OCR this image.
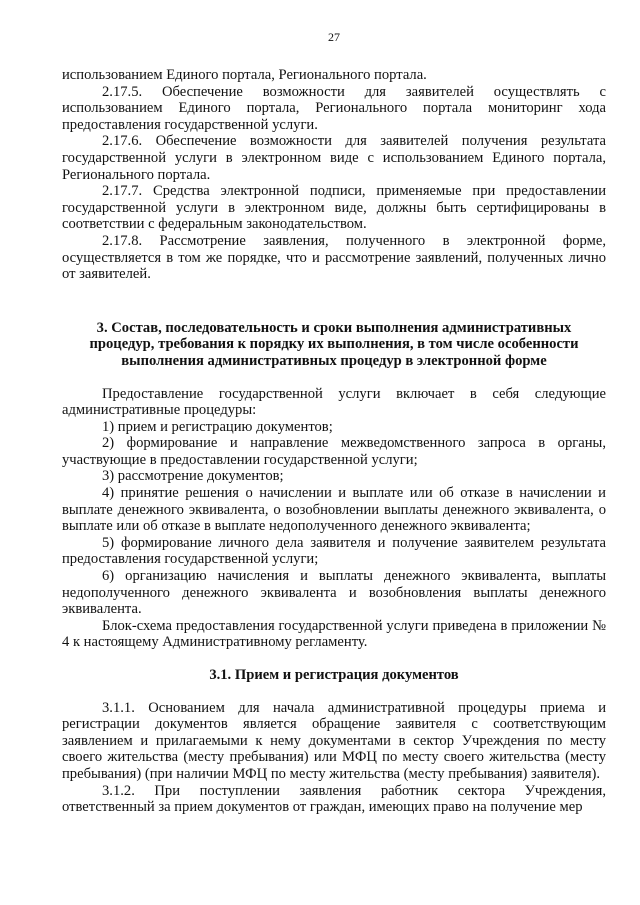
27

использованием Единого портала, Регионального портала.

2.17.5. Обеспечение возможности для заявителей осуществлять с использованием Единого портала, Регионального портала мониторинг хода предоставления государственной услуги.

2.17.6. Обеспечение возможности для заявителей получения результата государственной услуги в электронном виде с использованием Единого портала, Регионального портала.

2.17.7. Средства электронной подписи, применяемые при предоставлении государственной услуги в электронном виде, должны быть сертифицированы в соответствии с федеральным законодательством.

2.17.8. Рассмотрение заявления, полученного в электронной форме, осуществляется в том же порядке, что и рассмотрение заявлений, полученных лично от заявителей.

3. Состав, последовательность и сроки выполнения административных процедур, требования к порядку их выполнения, в том числе особенности выполнения административных процедур в электронной форме

Предоставление государственной услуги включает в себя следующие административные процедуры:

1) прием и регистрацию документов;

2) формирование и направление межведомственного запроса в органы, участвующие в предоставлении государственной услуги;

3) рассмотрение документов;

4) принятие решения о начислении и выплате или об отказе в начислении и выплате денежного эквивалента, о возобновлении выплаты денежного эквивалента, о выплате или об отказе в выплате недополученного денежного эквивалента;

5) формирование личного дела заявителя и получение заявителем результата предоставления государственной услуги;

6) организацию начисления и выплаты денежного эквивалента, выплаты недополученного денежного эквивалента и возобновления выплаты денежного эквивалента.

Блок-схема предоставления государственной услуги приведена в приложении № 4 к настоящему Административному регламенту.

3.1. Прием и регистрация документов

3.1.1. Основанием для начала административной процедуры приема и регистрации документов является обращение заявителя с соответствующим заявлением и прилагаемыми к нему документами в сектор Учреждения по месту своего жительства (месту пребывания) или МФЦ по месту своего жительства (месту пребывания) (при наличии МФЦ по месту жительства (месту пребывания) заявителя).

3.1.2. При поступлении заявления работник сектора Учреждения, ответственный за прием документов от граждан, имеющих право на получение мер
